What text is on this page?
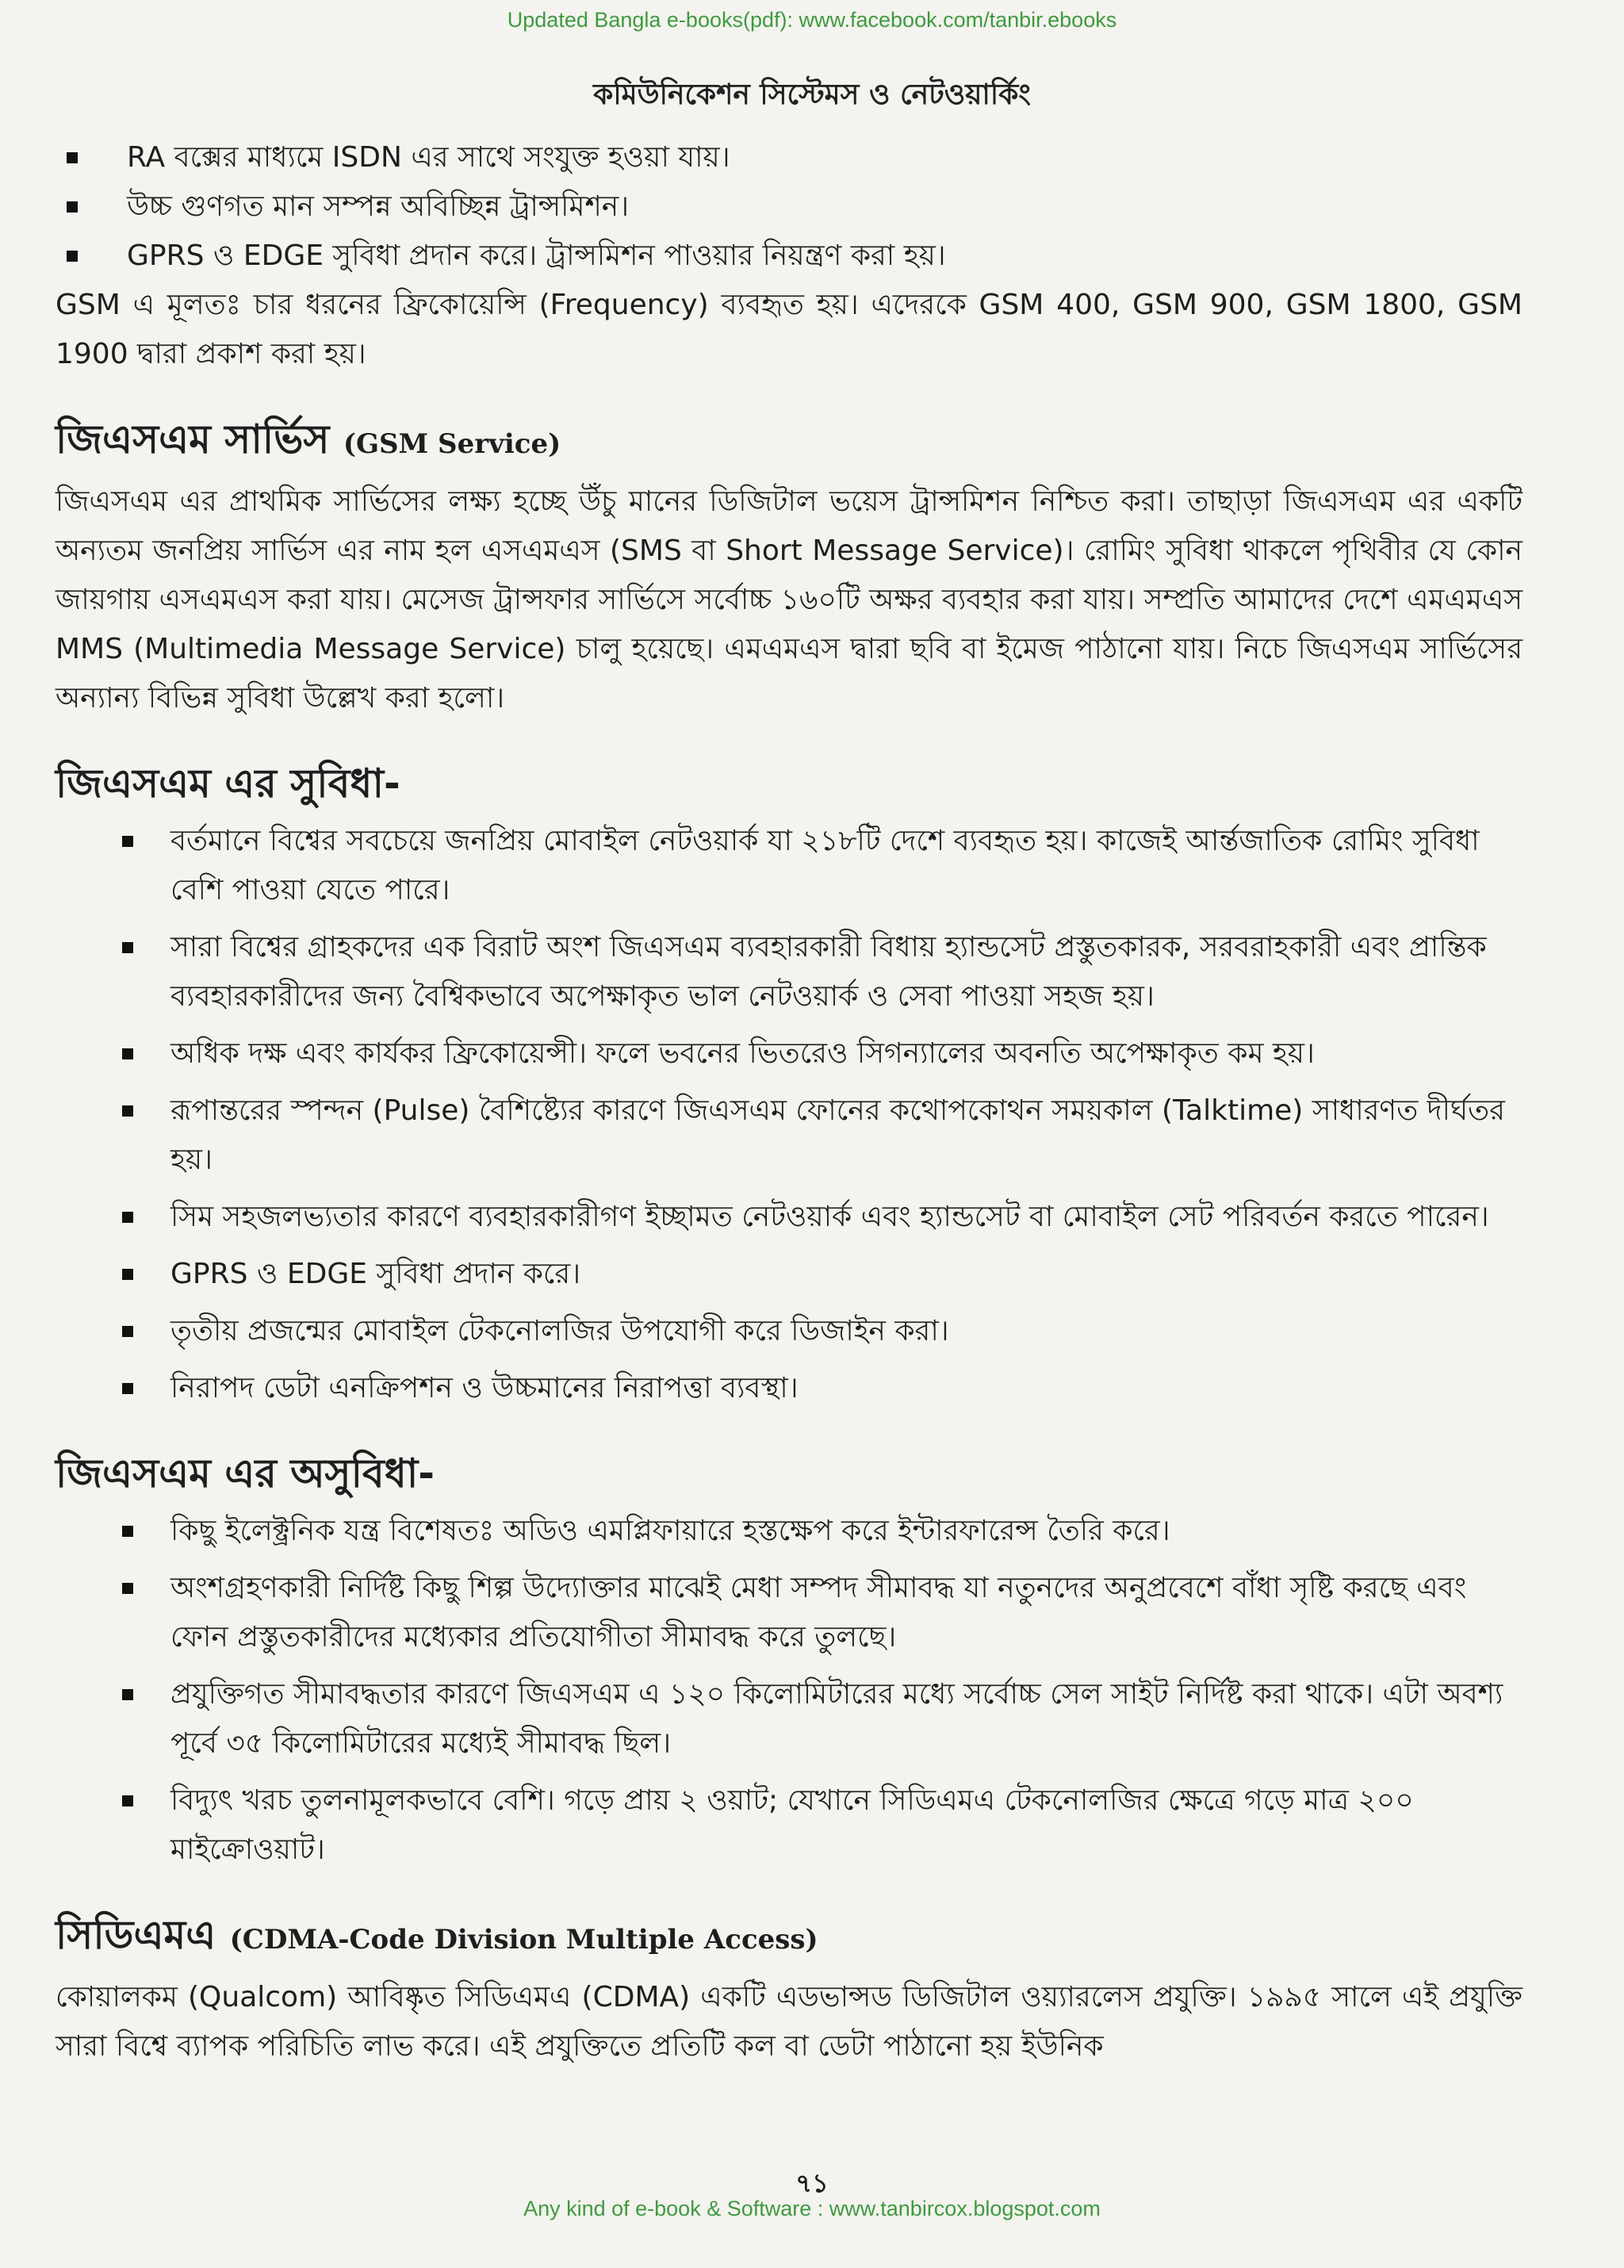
Updated Bangla e-books(pdf): www.facebook.com/tanbir.ebooks
কমিউনিকেশন সিস্টেমস ও নেটওয়ার্কিং
RA বক্সের মাধ্যমে ISDN এর সাথে সংযুক্ত হওয়া যায়।
উচ্চ গুণগত মান সম্পন্ন অবিচ্ছিন্ন ট্রান্সমিশন।
GPRS ও EDGE সুবিধা প্রদান করে। ট্রান্সমিশন পাওয়ার নিয়ন্ত্রণ করা হয়।

GSM এ মূলতঃ চার ধরনের ফ্রিকোয়েন্সি (Frequency) ব্যবহৃত হয়। এদেরকে GSM 400, GSM 900, GSM 1800, GSM 1900 দ্বারা প্রকাশ করা হয়।

জিএসএম সার্ভিস (GSM Service)

জিএসএম এর প্রাথমিক সার্ভিসের লক্ষ্য হচ্ছে উঁচু মানের ডিজিটাল ভয়েস ট্রান্সমিশন নিশ্চিত করা। তাছাড়া জিএসএম এর একটি অন্যতম জনপ্রিয় সার্ভিস এর নাম হল এসএমএস (SMS বা Short Message Service)। রোমিং সুবিধা থাকলে পৃথিবীর যে কোন জায়গায় এসএমএস করা যায়। মেসেজ ট্রান্সফার সার্ভিসে সর্বোচ্চ ১৬০টি অক্ষর ব্যবহার করা যায়। সম্প্রতি আমাদের দেশে এমএমএস MMS (Multimedia Message Service) চালু হয়েছে। এমএমএস দ্বারা ছবি বা ইমেজ পাঠানো যায়। নিচে জিএসএম সার্ভিসের অন্যান্য বিভিন্ন সুবিধা উল্লেখ করা হলো।

জিএসএম এর সুবিধা-
বর্তমানে বিশ্বের সবচেয়ে জনপ্রিয় মোবাইল নেটওয়ার্ক যা ২১৮টি দেশে ব্যবহৃত হয়। কাজেই আর্ন্তজাতিক রোমিং সুবিধা বেশি পাওয়া যেতে পারে।
সারা বিশ্বের গ্রাহকদের এক বিরাট অংশ জিএসএম ব্যবহারকারী বিধায় হ্যান্ডসেট প্রস্তুতকারক, সরবরাহকারী এবং প্রান্তিক ব্যবহারকারীদের জন্য বৈশ্বিকভাবে অপেক্ষাকৃত ভাল নেটওয়ার্ক ও সেবা পাওয়া সহজ হয়।
অধিক দক্ষ এবং কার্যকর ফ্রিকোয়েন্সী। ফলে ভবনের ভিতরেও সিগন্যালের অবনতি অপেক্ষাকৃত কম হয়।
রূপান্তরের স্পন্দন (Pulse) বৈশিষ্ট্যের কারণে জিএসএম ফোনের কথোপকোথন সময়কাল (Talktime) সাধারণত দীর্ঘতর হয়।
সিম সহজলভ্যতার কারণে ব্যবহারকারীগণ ইচ্ছামত নেটওয়ার্ক এবং হ্যান্ডসেট বা মোবাইল সেট পরিবর্তন করতে পারেন।
GPRS ও EDGE সুবিধা প্রদান করে।
তৃতীয় প্রজন্মের মোবাইল টেকনোলজির উপযোগী করে ডিজাইন করা।
নিরাপদ ডেটা এনক্রিপশন ও উচ্চমানের নিরাপত্তা ব্যবস্থা।
জিএসএম এর অসুবিধা-
কিছু ইলেক্ট্রনিক যন্ত্র বিশেষতঃ অডিও এমপ্লিফায়ারে হস্তক্ষেপ করে ইন্টারফারেন্স তৈরি করে।
অংশগ্রহণকারী নির্দিষ্ট কিছু শিল্প উদ্যোক্তার মাঝেই মেধা সম্পদ সীমাবদ্ধ যা নতুনদের অনুপ্রবেশে বাঁধা সৃষ্টি করছে এবং ফোন প্রস্তুতকারীদের মধ্যেকার প্রতিযোগীতা সীমাবদ্ধ করে তুলছে।
প্রযুক্তিগত সীমাবদ্ধতার কারণে জিএসএম এ ১২০ কিলোমিটারের মধ্যে সর্বোচ্চ সেল সাইট নির্দিষ্ট করা থাকে। এটা অবশ্য পূর্বে ৩৫ কিলোমিটারের মধ্যেই সীমাবদ্ধ ছিল।
বিদ্যুৎ খরচ তুলনামূলকভাবে বেশি। গড়ে প্রায় ২ ওয়াট; যেখানে সিডিএমএ টেকনোলজির ক্ষেত্রে গড়ে মাত্র ২০০ মাইক্রোওয়াট।
সিডিএমএ (CDMA-Code Division Multiple Access)

কোয়ালকম (Qualcom) আবিষ্কৃত সিডিএমএ (CDMA) একটি এডভান্সড ডিজিটাল ওয়্যারলেস প্রযুক্তি। ১৯৯৫ সালে এই প্রযুক্তি সারা বিশ্বে ব্যাপক পরিচিতি লাভ করে। এই প্রযুক্তিতে প্রতিটি কল বা ডেটা পাঠানো হয় ইউনিক

৭১
Any kind of e-book & Software : www.tanbircox.blogspot.com
